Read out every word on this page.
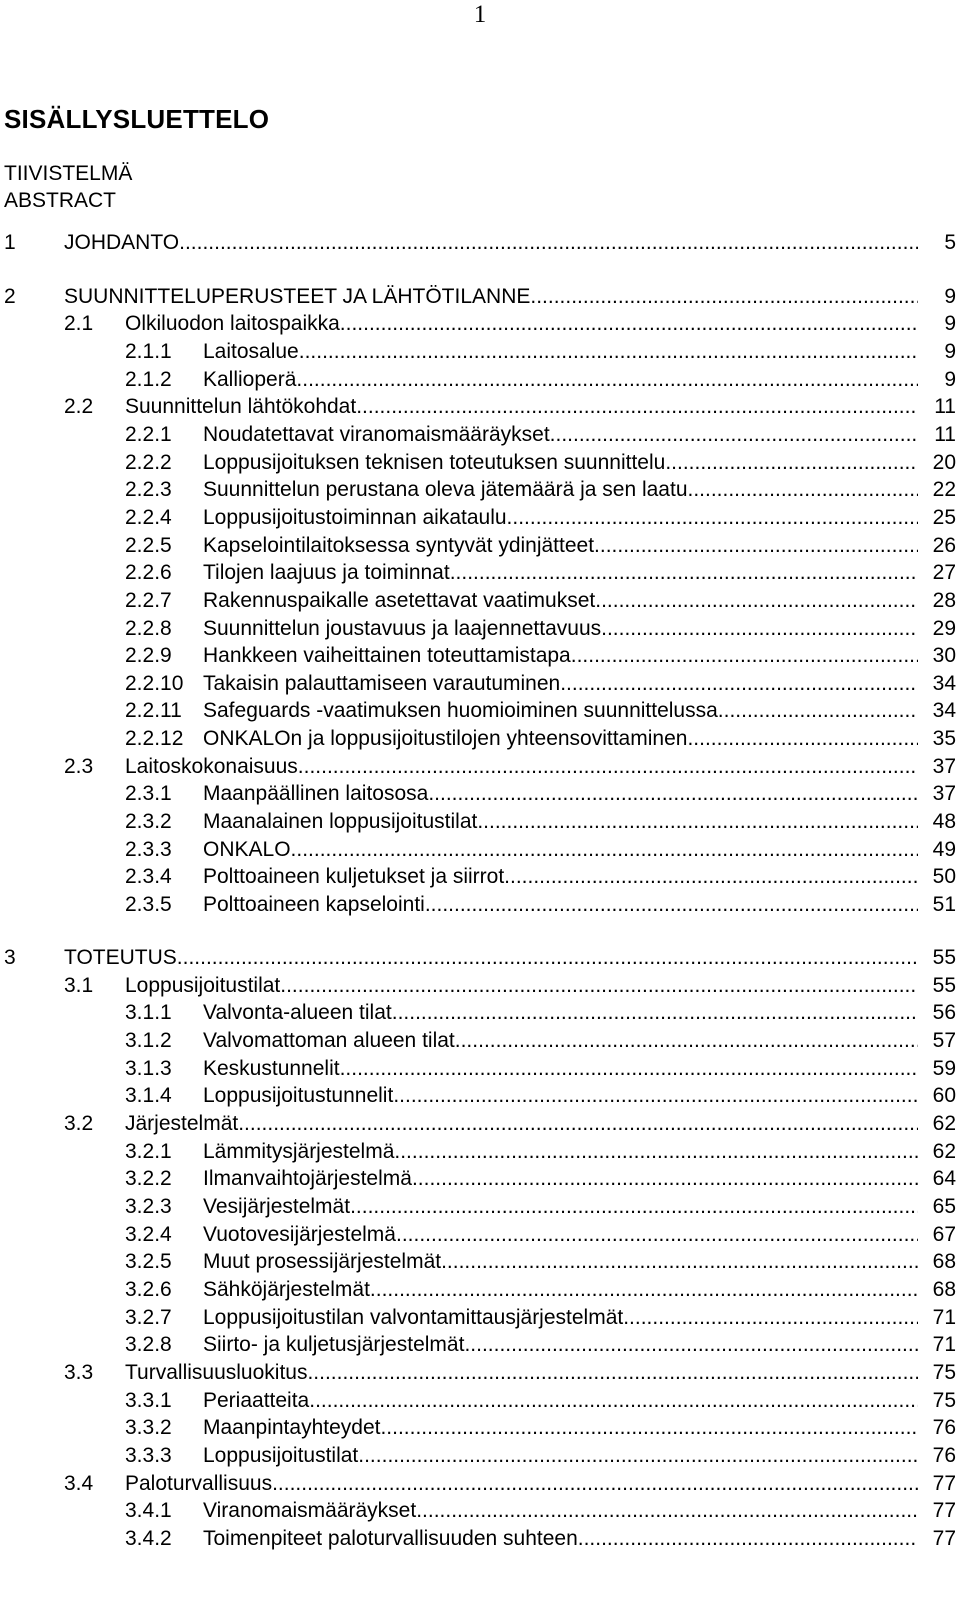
1
SISÄLLYSLUETTELO
TIIVISTELMÄ
ABSTRACT
1 JOHDANTO .....	5
2 SUUNNITTELUPERUSTEET JA LÄHTÖTILANNE .....	9
2.1 Olkiluodon laitospaikka .....	9
2.1.1 Laitosalue .....	9
2.1.2 Kallioperä .....	9
2.2 Suunnittelun lähtökohdat .....	11
2.2.1 Noudatettavat viranomaismääräykset .....	11
2.2.2 Loppusijoituksen teknisen toteutuksen suunnittelu .....	20
2.2.3 Suunnittelun perustana oleva jätemäärä ja sen laatu .....	22
2.2.4 Loppusijoitustoiminnan aikataulu .....	25
2.2.5 Kapselointilaitoksessa syntyvät ydinjätteet .....	26
2.2.6 Tilojen laajuus ja toiminnat .....	27
2.2.7 Rakennuspaikalle asetettavat vaatimukset .....	28
2.2.8 Suunnittelun joustavuus ja laajennettavuus .....	29
2.2.9 Hankkeen vaiheittainen toteuttamistapa .....	30
2.2.10 Takaisin palauttamiseen varautuminen .....	34
2.2.11 Safeguards -vaatimuksen huomioiminen suunnittelussa .....	34
2.2.12 ONKALOn ja loppusijoitustilojen yhteensovittaminen .....	35
2.3 Laitoskokonaisuus .....	37
2.3.1 Maanpäällinen laitososa .....	37
2.3.2 Maanalainen loppusijoitustilat .....	48
2.3.3 ONKALO .....	49
2.3.4 Polttoaineen kuljetukset ja siirrot .....	50
2.3.5 Polttoaineen kapselointi .....	51
3 TOTEUTUS .....	55
3.1 Loppusijoitustilat .....	55
3.1.1 Valvonta-alueen tilat .....	56
3.1.2 Valvomattoman alueen tilat .....	57
3.1.3 Keskustunnelit .....	59
3.1.4 Loppusijoitustunnelit .....	60
3.2 Järjestelmät .....	62
3.2.1 Lämmitysjärjestelmä .....	62
3.2.2 Ilmanvaihtojärjestelmä .....	64
3.2.3 Vesijärjestelmät .....	65
3.2.4 Vuotovesijärjestelmä .....	67
3.2.5 Muut prosessijärjestelmät .....	68
3.2.6 Sähköjärjestelmät .....	68
3.2.7 Loppusijoitustilan valvontamittausjärjestelmät .....	71
3.2.8 Siirto- ja kuljetusjärjestelmät .....	71
3.3 Turvallisuusluokitus .....	75
3.3.1 Periaatteita .....	75
3.3.2 Maanpintayhteydet .....	76
3.3.3 Loppusijoitustilat .....	76
3.4 Paloturvallisuus .....	77
3.4.1 Viranomaismääräykset .....	77
3.4.2 Toimenpiteet paloturvallisuuden suhteen .....	77
